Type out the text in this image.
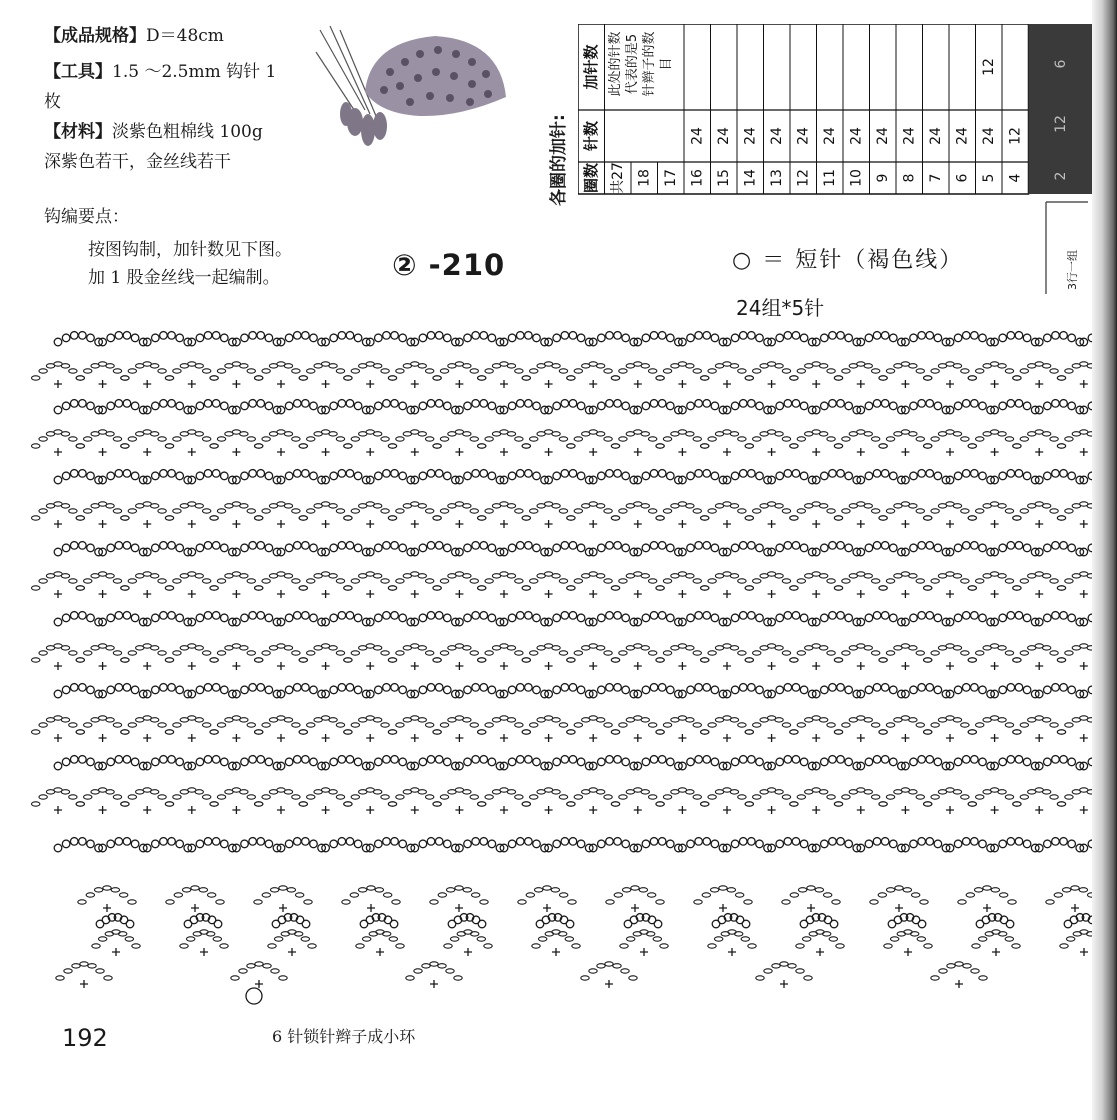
【成品规格】D＝48cm
【工具】1.5 ～2.5mm 钩针 1
枚
【材料】淡紫色粗棉线 100g
深紫色若干，金丝线若干
钩编要点：
按图钩制，加针数见下图。
加 1 股金丝线一起编制。
各圈的加针: 圈数
针数
加针数
共27
此处的针数 代表的是5 针辫子的数 目
18 17 16
24
15
24
14
24
13
24
12
24
11
24
10
24
9
24
8
24
7
24
6
24
5
24
12
4
12
2
12
6
3行一组
② -210	○ ＝ 短针（褐色线）
24组*5针
192	6 针锁针辫子成小环
